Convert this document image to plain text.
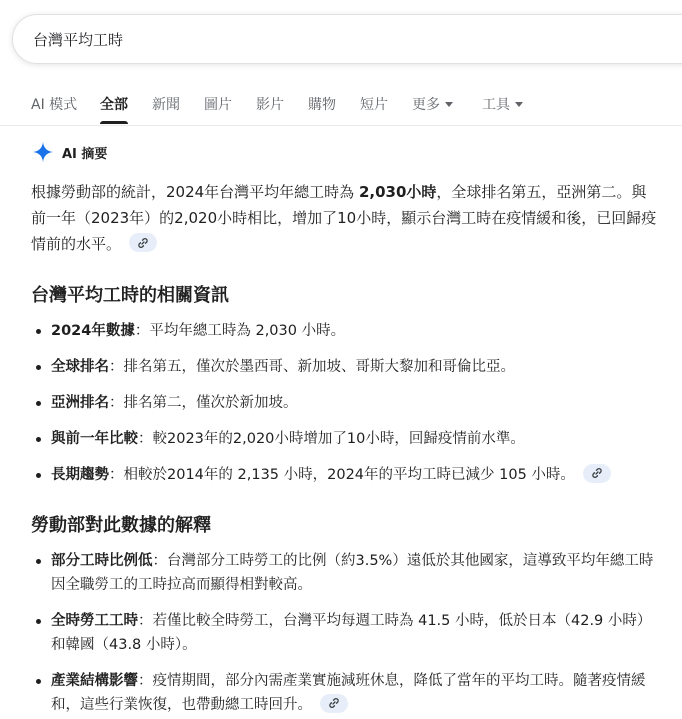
台灣平均工時
AI 模式 全部 新聞 圖片 影片 購物 短片 更多	工具
AI 摘要

根據勞動部的統計，2024年台灣平均年總工時為 2,030小時，全球排名第五，亞洲第二。與前一年（2023年）的2,020小時相比，增加了10小時，顯示台灣工時在疫情緩和後，已回歸疫情前的水平。

台灣平均工時的相關資訊
2024年數據：平均年總工時為 2,030 小時。
全球排名：排名第五，僅次於墨西哥、新加坡、哥斯大黎加和哥倫比亞。
亞洲排名：排名第二，僅次於新加坡。
與前一年比較：較2023年的2,020小時增加了10小時，回歸疫情前水準。
長期趨勢：相較於2014年的 2,135 小時，2024年的平均工時已減少 105 小時。
勞動部對此數據的解釋
部分工時比例低：台灣部分工時勞工的比例（約3.5%）遠低於其他國家，這導致平均年總工時因全職勞工的工時拉高而顯得相對較高。
全時勞工工時：若僅比較全時勞工，台灣平均每週工時為 41.5 小時，低於日本（42.9 小時）和韓國（43.8 小時）。
產業結構影響：疫情期間，部分內需產業實施減班休息，降低了當年的平均工時。隨著疫情緩和，這些行業恢復，也帶動總工時回升。
